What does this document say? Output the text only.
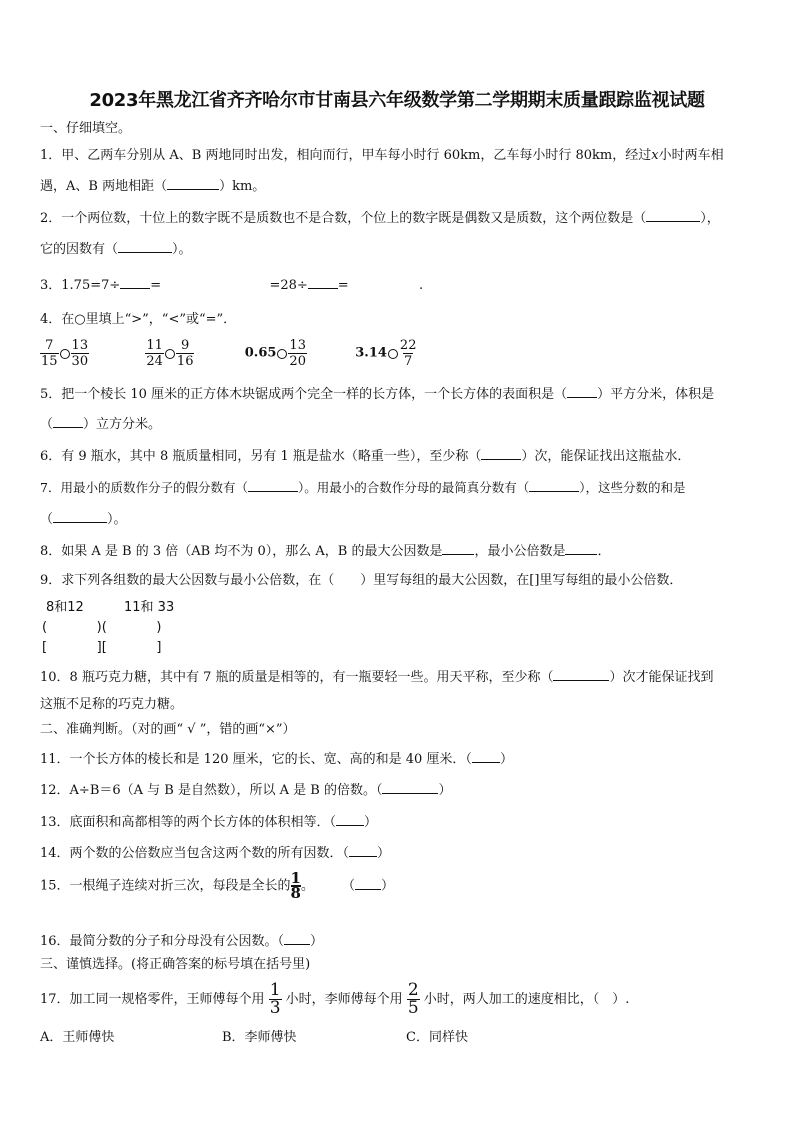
2023年黑龙江省齐齐哈尔市甘南县六年级数学第二学期期末质量跟踪监视试题
一、仔细填空。
1．甲、乙两车分别从 A、B 两地同时出发，相向而行，甲车每小时行 60km，乙车每小时行 80km，经过x小时两车相
遇，A、B 两地相距（	）km。
2．一个两位数，十位上的数字既不是质数也不是合数，个位上的数字既是偶数又是质数，这个两位数是（	），
它的因数有（	）。
3．1.75=7÷ =	=28÷ =	.
4．在○里填上“>”，“<”或“=”．
$\frac{7}{15} \frac{13}{30}$
	$\frac{11}{24} \frac{9}{16}$	$0.65 \frac{13}{20}$	$3.14 \frac{22}{7}$
5．把一个棱长 10 厘米的正方体木块锯成两个完全一样的长方体，一个长方体的表面积是（ ）平方分米，体积是
（ ）立方分米。
6．有 9 瓶水，其中 8 瓶质量相同，另有 1 瓶是盐水（略重一些），至少称（	）次，能保证找出这瓶盐水．
7．用最小的质数作分子的假分数有（	）。用最小的合数作分母的最简真分数有（	），这些分数的和是
（	）。
8．如果 A 是 B 的 3 倍（AB 均不为 0），那么 A，B 的最大公因数是 ，最小公倍数是 ．
9．求下列各组数的最大公因数与最小公倍数，在（　　）里写每组的最大公因数，在[]里写每组的最小公倍数．
8和12	11和 33
(            )(            )
[            ][            ]
10．8 瓶巧克力糖，其中有 7 瓶的质量是相等的，有一瓶要轻一些。用天平称，至少称（	）次才能保证找到
这瓶不足称的巧克力糖。
二、准确判断。（对的画“ √ ”，错的画“×”）
11．一个长方体的棱长和是 120 厘米，它的长、宽、高的和是 40 厘米．（ ）
12．A÷B＝6（A 与 B 是自然数），所以 A 是 B 的倍数。（	）
13．底面积和高都相等的两个长方体的体积相等．（ ）
14．两个数的公倍数应当包含这两个数的所有因数．（ ）
15．一根绳子连续对折三次，每段是全长的 $\frac{1}{8}$ 。 （ ）
16．最简分数的分子和分母没有公因数。（ ）
三、谨慎选择。(将正确答案的标号填在括号里)
17．加工同一规格零件，王师傅每个用 $\frac{1}{3}$ 小时，李师傅每个用 $\frac{2}{5}$ 小时，两人加工的速度相比，（　）.
A．王师傅快	B．李师傅快	C．同样快
